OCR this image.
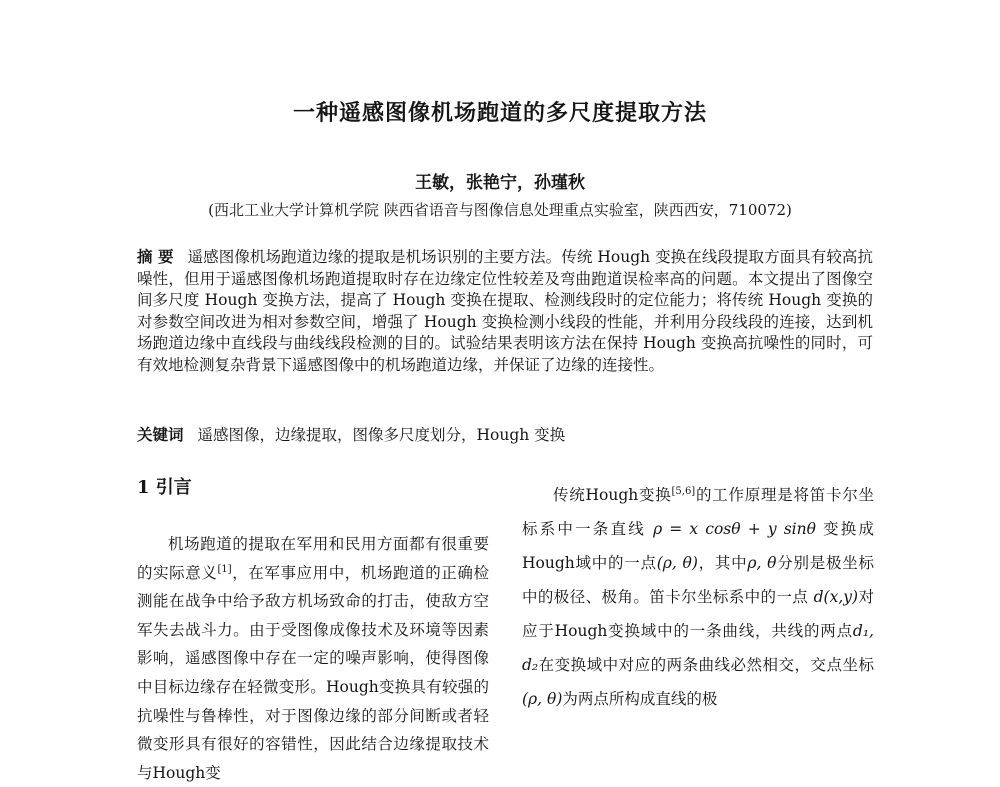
一种遥感图像机场跑道的多尺度提取方法
王敏，张艳宁，孙瑾秋
(西北工业大学计算机学院 陕西省语音与图像信息处理重点实验室，陕西西安，710072)
摘 要 遥感图像机场跑道边缘的提取是机场识别的主要方法。传统 Hough 变换在线段提取方面具有较高抗噪性，但用于遥感图像机场跑道提取时存在边缘定位性较差及弯曲跑道误检率高的问题。本文提出了图像空间多尺度 Hough 变换方法，提高了 Hough 变换在提取、检测线段时的定位能力；将传统 Hough 变换的对参数空间改进为相对参数空间，增强了 Hough 变换检测小线段的性能，并利用分段线段的连接，达到机场跑道边缘中直线段与曲线线段检测的目的。试验结果表明该方法在保持 Hough 变换高抗噪性的同时，可有效地检测复杂背景下遥感图像中的机场跑道边缘，并保证了边缘的连接性。
关键词 遥感图像，边缘提取，图像多尺度划分，Hough 变换
1 引言

机场跑道的提取在军用和民用方面都有很重要的实际意义[1]，在军事应用中，机场跑道的正确检测能在战争中给予敌方机场致命的打击，使敌方空军失去战斗力。由于受图像成像技术及环境等因素影响，遥感图像中存在一定的噪声影响，使得图像中目标边缘存在轻微变形。Hough变换具有较强的抗噪性与鲁棒性，对于图像边缘的部分间断或者轻微变形具有很好的容错性，因此结合边缘提取技术与Hough变

传统Hough变换[5,6]的工作原理是将笛卡尔坐标系中一条直线 ρ = x cosθ + y sinθ 变换成Hough域中的一点(ρ, θ)，其中ρ, θ分别是极坐标中的极径、极角。笛卡尔坐标系中的一点 d(x,y)对应于Hough变换域中的一条曲线，共线的两点d₁, d₂在变换域中对应的两条曲线必然相交，交点坐标(ρ, θ)为两点所构成直线的极
